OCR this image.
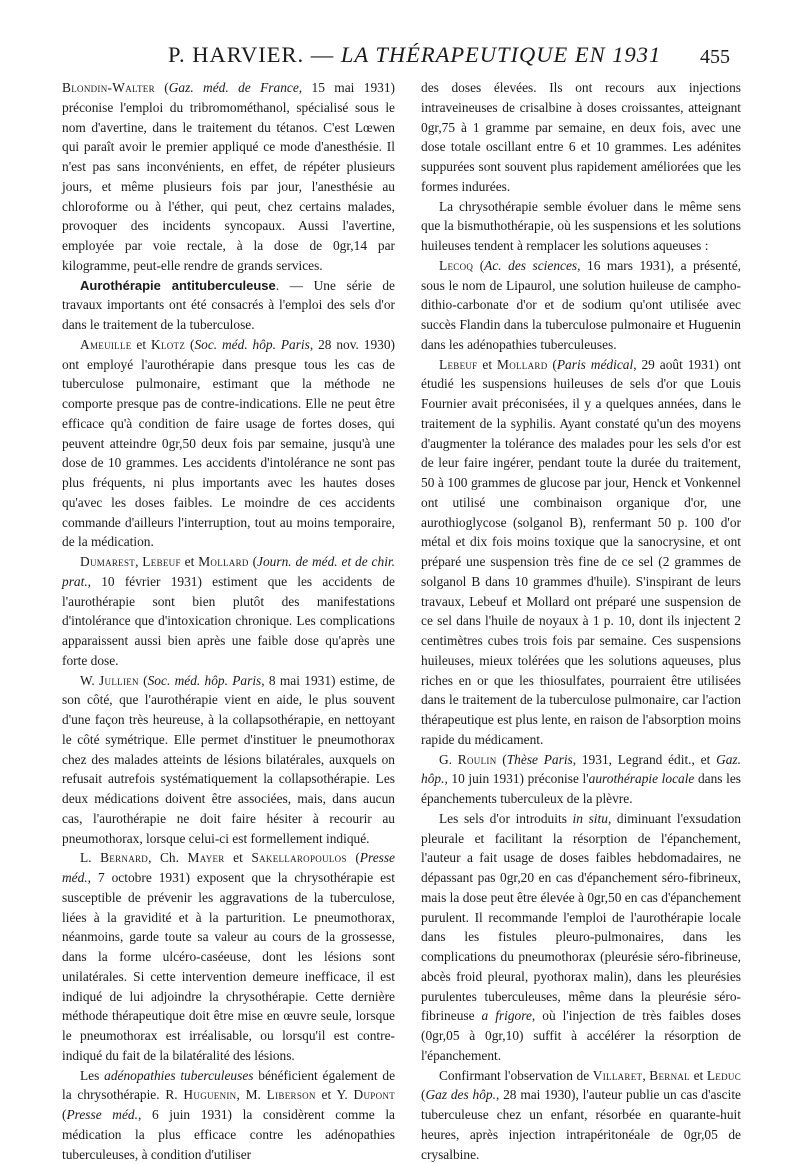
P. HARVIER. — LA THÉRAPEUTIQUE EN 1931 455

Blondin-Walter (Gaz. méd. de France, 15 mai 1931) préconise l'emploi du tribromométhanol, spécialisé sous le nom d'avertine, dans le traitement du tétanos. C'est Lœwen qui paraît avoir le premier appliqué ce mode d'anesthésie. Il n'est pas sans inconvénients, en effet, de répéter plusieurs jours, et même plusieurs fois par jour, l'anesthésie au chloroforme ou à l'éther, qui peut, chez certains malades, provoquer des incidents syncopaux. Aussi l'avertine, employée par voie rectale, à la dose de 0gr,14 par kilogramme, peut-elle rendre de grands services.

Aurothérapie antituberculeuse. — Une série de travaux importants ont été consacrés à l'emploi des sels d'or dans le traitement de la tuberculose.

Ameuille et Klotz (Soc. méd. hôp. Paris, 28 nov. 1930) ont employé l'aurothérapie dans presque tous les cas de tuberculose pulmonaire, estimant que la méthode ne comporte presque pas de contre-indications. Elle ne peut être efficace qu'à condition de faire usage de fortes doses, qui peuvent atteindre 0gr,50 deux fois par semaine, jusqu'à une dose de 10 grammes. Les accidents d'intolérance ne sont pas plus fréquents, ni plus importants avec les hautes doses qu'avec les doses faibles. Le moindre de ces accidents commande d'ailleurs l'interruption, tout au moins temporaire, de la médication.

Dumarest, Lebeuf et Mollard (Journ. de méd. et de chir. prat., 10 février 1931) estiment que les accidents de l'aurothérapie sont bien plutôt des manifestations d'intolérance que d'intoxication chronique. Les complications apparaissent aussi bien après une faible dose qu'après une forte dose.

W. Jullien (Soc. méd. hôp. Paris, 8 mai 1931) estime, de son côté, que l'aurothérapie vient en aide, le plus souvent d'une façon très heureuse, à la collapsothérapie, en nettoyant le côté symétrique. Elle permet d'instituer le pneumothorax chez des malades atteints de lésions bilatérales, auxquels on refusait autrefois systématiquement la collapsothérapie. Les deux médications doivent être associées, mais, dans aucun cas, l'aurothérapie ne doit faire hésiter à recourir au pneumothorax, lorsque celui-ci est formellement indiqué.

L. Bernard, Ch. Mayer et Sakellaropoulos (Presse méd., 7 octobre 1931) exposent que la chrysothérapie est susceptible de prévenir les aggravations de la tuberculose, liées à la gravidité et à la parturition. Le pneumothorax, néanmoins, garde toute sa valeur au cours de la grossesse, dans la forme ulcéro-caséeuse, dont les lésions sont unilatérales. Si cette intervention demeure inefficace, il est indiqué de lui adjoindre la chrysothérapie. Cette dernière méthode thérapeutique doit être mise en œuvre seule, lorsque le pneumothorax est irréalisable, ou lorsqu'il est contre-indiqué du fait de la bilatéralité des lésions.

Les adénopathies tuberculeuses bénéficient également de la chrysothérapie. R. Huguenin, M. Liberson et Y. Dupont (Presse méd., 6 juin 1931) la considèrent comme la médication la plus efficace contre les adénopathies tuberculeuses, à condition d'utiliser

des doses élevées. Ils ont recours aux injections intraveineuses de crisalbine à doses croissantes, atteignant 0gr,75 à 1 gramme par semaine, en deux fois, avec une dose totale oscillant entre 6 et 10 grammes. Les adénites suppurées sont souvent plus rapidement améliorées que les formes indurées.

La chrysothérapie semble évoluer dans le même sens que la bismuthothérapie, où les suspensions et les solutions huileuses tendent à remplacer les solutions aqueuses :

Lecoq (Ac. des sciences, 16 mars 1931), a présenté, sous le nom de Lipaurol, une solution huileuse de campho-dithio-carbonate d'or et de sodium qu'ont utilisée avec succès Flandin dans la tuberculose pulmonaire et Huguenin dans les adénopathies tuberculeuses.

Lebeuf et Mollard (Paris médical, 29 août 1931) ont étudié les suspensions huileuses de sels d'or que Louis Fournier avait préconisées, il y a quelques années, dans le traitement de la syphilis. Ayant constaté qu'un des moyens d'augmenter la tolérance des malades pour les sels d'or est de leur faire ingérer, pendant toute la durée du traitement, 50 à 100 grammes de glucose par jour, Henck et Vonkennel ont utilisé une combinaison organique d'or, une aurothioglycose (solganol B), renfermant 50 p. 100 d'or métal et dix fois moins toxique que la sanocrysine, et ont préparé une suspension très fine de ce sel (2 grammes de solganol B dans 10 grammes d'huile). S'inspirant de leurs travaux, Lebeuf et Mollard ont préparé une suspension de ce sel dans l'huile de noyaux à 1 p. 10, dont ils injectent 2 centimètres cubes trois fois par semaine. Ces suspensions huileuses, mieux tolérées que les solutions aqueuses, plus riches en or que les thiosulfates, pourraient être utilisées dans le traitement de la tuberculose pulmonaire, car l'action thérapeutique est plus lente, en raison de l'absorption moins rapide du médicament.

G. Roulin (Thèse Paris, 1931, Legrand édit., et Gaz. hôp., 10 juin 1931) préconise l'aurothérapie locale dans les épanchements tuberculeux de la plèvre.

Les sels d'or introduits in situ, diminuant l'exsudation pleurale et facilitant la résorption de l'épanchement, l'auteur a fait usage de doses faibles hebdomadaires, ne dépassant pas 0gr,20 en cas d'épanchement séro-fibrineux, mais la dose peut être élevée à 0gr,50 en cas d'épanchement purulent. Il recommande l'emploi de l'aurothérapie locale dans les fistules pleuro-pulmonaires, dans les complications du pneumothorax (pleurésie séro-fibrineuse, abcès froid pleural, pyothorax malin), dans les pleurésies purulentes tuberculeuses, même dans la pleurésie séro-fibrineuse a frigore, où l'injection de très faibles doses (0gr,05 à 0gr,10) suffit à accélérer la résorption de l'épanchement.

Confirmant l'observation de Villaret, Bernal et Leduc (Gaz des hôp., 28 mai 1930), l'auteur publie un cas d'ascite tuberculeuse chez un enfant, résorbée en quarante-huit heures, après injection intrapéritonéale de 0gr,05 de crysalbine.
